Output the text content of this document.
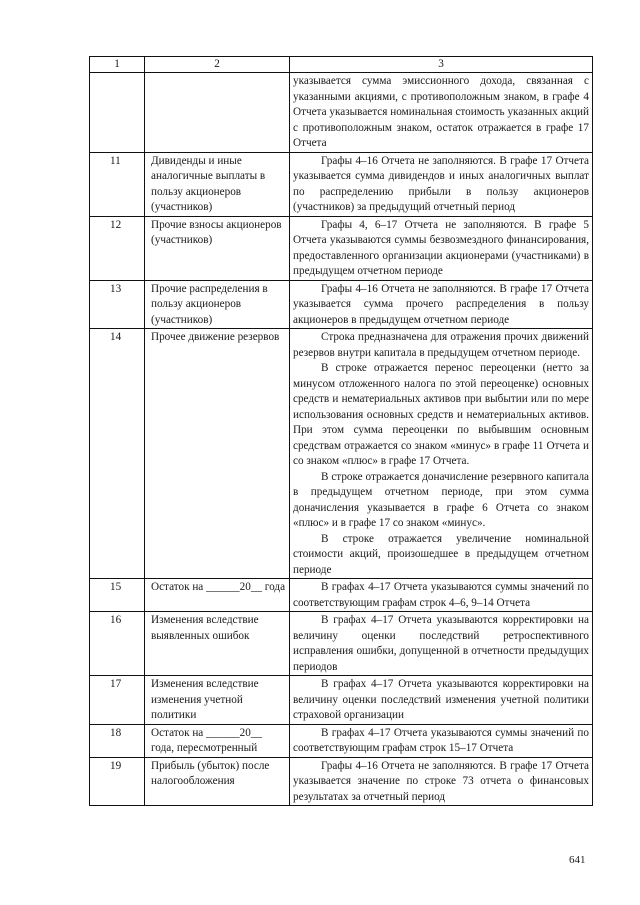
1	2	3

		указывается сумма эмиссионного дохода, связанная с указанными акциями, с противоположным знаком, в графе 4 Отчета указывается номинальная стоимость указанных акций с противоположным знаком, остаток отражается в графе 17 Отчета

11	Дивиденды и иные аналогичные выплаты в пользу акционеров (участников)	Графы 4–16 Отчета не заполняются. В графе 17 Отчета указывается сумма дивидендов и иных аналогичных выплат по распределению прибыли в пользу акционеров (участников) за предыдущий отчетный период

12	Прочие взносы акционеров (участников)	Графы 4, 6–17 Отчета не заполняются. В графе 5 Отчета указываются суммы безвозмездного финансирования, предоставленного организации акционерами (участниками) в предыдущем отчетном периоде

13	Прочие распределения в пользу акционеров (участников)	Графы 4–16 Отчета не заполняются. В графе 17 Отчета указывается сумма прочего распределения в пользу акционеров в предыдущем отчетном периоде

14	Прочее движение резервов	Строка предназначена для отражения прочих движений резервов внутри капитала в предыдущем отчетном периоде.

В строке отражается перенос переоценки (нетто за минусом отложенного налога по этой переоценке) основных средств и нематериальных активов при выбытии или по мере использования основных средств и нематериальных активов. При этом сумма переоценки по выбывшим основным средствам отражается со знаком «минус» в графе 11 Отчета и со знаком «плюс» в графе 17 Отчета.

В строке отражается доначисление резервного капитала в предыдущем отчетном периоде, при этом сумма доначисления указывается в графе 6 Отчета со знаком «плюс» и в графе 17 со знаком «минус».

В строке отражается увеличение номинальной стоимости акций, произошедшее в предыдущем отчетном периоде

15	Остаток на ______20__ года	В графах 4–17 Отчета указываются суммы значений по соответствующим графам строк 4–6, 9–14 Отчета

16	Изменения вследствие выявленных ошибок	В графах 4–17 Отчета указываются корректировки на величину оценки последствий ретроспективного исправления ошибки, допущенной в отчетности предыдущих периодов

17	Изменения вследствие изменения учетной политики	В графах 4–17 Отчета указываются корректировки на величину оценки последствий изменения учетной политики страховой организации

18	Остаток на ______20__ года, пересмотренный	В графах 4–17 Отчета указываются суммы значений по соответствующим графам строк 15–17 Отчета

19	Прибыль (убыток) после налогообложения	Графы 4–16 Отчета не заполняются. В графе 17 Отчета указывается значение по строке 73 отчета о финансовых результатах за отчетный период

641
